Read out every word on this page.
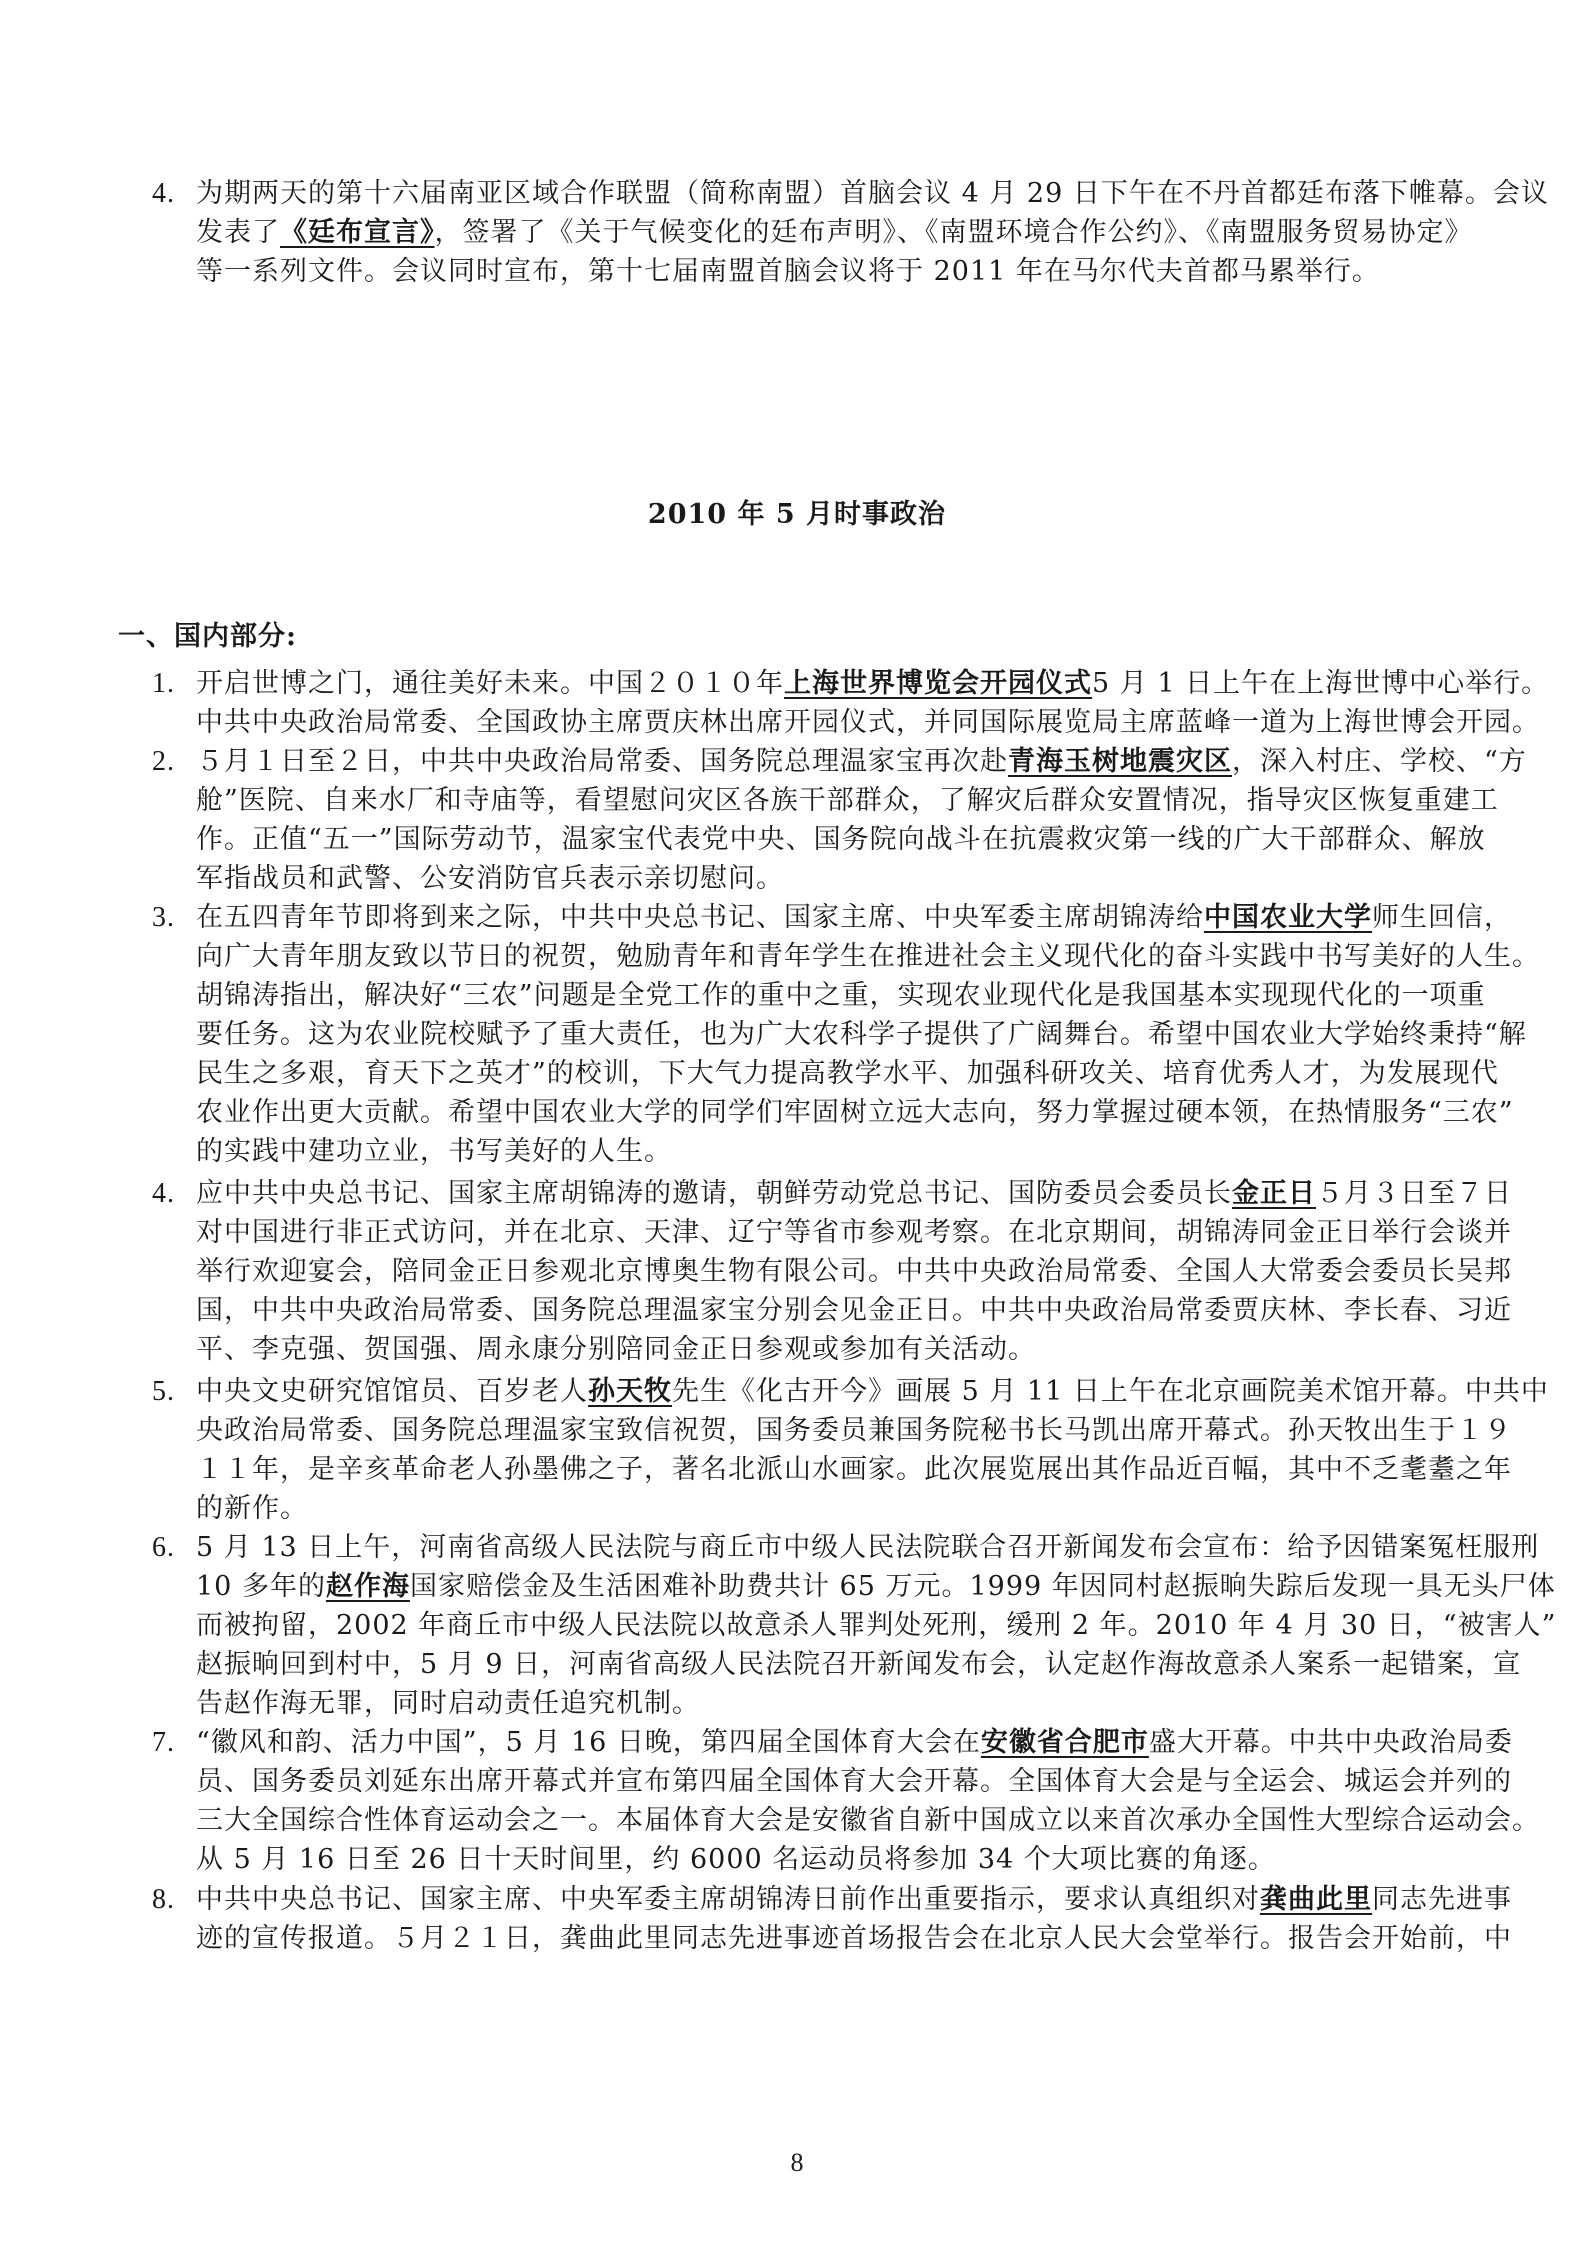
4. 为期两天的第十六届南亚区域合作联盟（简称南盟）首脑会议 4 月 29 日下午在不丹首都廷布落下帷幕。会议
发表了《廷布宣言》，签署了《关于气候变化的廷布声明》、《南盟环境合作公约》、《南盟服务贸易协定》
等一系列文件。会议同时宣布，第十七届南盟首脑会议将于 2011 年在马尔代夫首都马累举行。
2010 年 5 月时事政治
一、国内部分:
1. 开启世博之门，通往美好未来。中国２０１０年上海世界博览会开园仪式5 月 1 日上午在上海世博中心举行。
中共中央政治局常委、全国政协主席贾庆林出席开园仪式，并同国际展览局主席蓝峰一道为上海世博会开园。
2. ５月１日至２日，中共中央政治局常委、国务院总理温家宝再次赴青海玉树地震灾区，深入村庄、学校、“方
舱”医院、自来水厂和寺庙等，看望慰问灾区各族干部群众，了解灾后群众安置情况，指导灾区恢复重建工
作。正值“五一”国际劳动节，温家宝代表党中央、国务院向战斗在抗震救灾第一线的广大干部群众、解放
军指战员和武警、公安消防官兵表示亲切慰问。
3. 在五四青年节即将到来之际，中共中央总书记、国家主席、中央军委主席胡锦涛给中国农业大学师生回信，
向广大青年朋友致以节日的祝贺，勉励青年和青年学生在推进社会主义现代化的奋斗实践中书写美好的人生。
胡锦涛指出，解决好“三农”问题是全党工作的重中之重，实现农业现代化是我国基本实现现代化的一项重
要任务。这为农业院校赋予了重大责任，也为广大农科学子提供了广阔舞台。希望中国农业大学始终秉持“解
民生之多艰，育天下之英才”的校训，下大气力提高教学水平、加强科研攻关、培育优秀人才，为发展现代
农业作出更大贡献。希望中国农业大学的同学们牢固树立远大志向，努力掌握过硬本领，在热情服务“三农”
的实践中建功立业，书写美好的人生。
4. 应中共中央总书记、国家主席胡锦涛的邀请，朝鲜劳动党总书记、国防委员会委员长金正日５月３日至７日
对中国进行非正式访问，并在北京、天津、辽宁等省市参观考察。在北京期间，胡锦涛同金正日举行会谈并
举行欢迎宴会，陪同金正日参观北京博奥生物有限公司。中共中央政治局常委、全国人大常委会委员长吴邦
国，中共中央政治局常委、国务院总理温家宝分别会见金正日。中共中央政治局常委贾庆林、李长春、习近
平、李克强、贺国强、周永康分别陪同金正日参观或参加有关活动。
5. 中央文史研究馆馆员、百岁老人孙天牧先生《化古开今》画展 5 月 11 日上午在北京画院美术馆开幕。中共中
央政治局常委、国务院总理温家宝致信祝贺，国务委员兼国务院秘书长马凯出席开幕式。孙天牧出生于１９
１１年，是辛亥革命老人孙墨佛之子，著名北派山水画家。此次展览展出其作品近百幅，其中不乏耄耋之年
的新作。
6. 5 月 13 日上午，河南省高级人民法院与商丘市中级人民法院联合召开新闻发布会宣布：给予因错案冤枉服刑
10 多年的赵作海国家赔偿金及生活困难补助费共计 65 万元。1999 年因同村赵振晌失踪后发现一具无头尸体
而被拘留，2002 年商丘市中级人民法院以故意杀人罪判处死刑，缓刑 2 年。2010 年 4 月 30 日，“被害人”
赵振晌回到村中，5 月 9 日，河南省高级人民法院召开新闻发布会，认定赵作海故意杀人案系一起错案，宣
告赵作海无罪，同时启动责任追究机制。
7. “徽风和韵、活力中国”，5 月 16 日晚，第四届全国体育大会在安徽省合肥市盛大开幕。中共中央政治局委
员、国务委员刘延东出席开幕式并宣布第四届全国体育大会开幕。全国体育大会是与全运会、城运会并列的
三大全国综合性体育运动会之一。本届体育大会是安徽省自新中国成立以来首次承办全国性大型综合运动会。
从 5 月 16 日至 26 日十天时间里，约 6000 名运动员将参加 34 个大项比赛的角逐。
8. 中共中央总书记、国家主席、中央军委主席胡锦涛日前作出重要指示，要求认真组织对龚曲此里同志先进事
迹的宣传报道。５月２１日，龚曲此里同志先进事迹首场报告会在北京人民大会堂举行。报告会开始前，中
8
